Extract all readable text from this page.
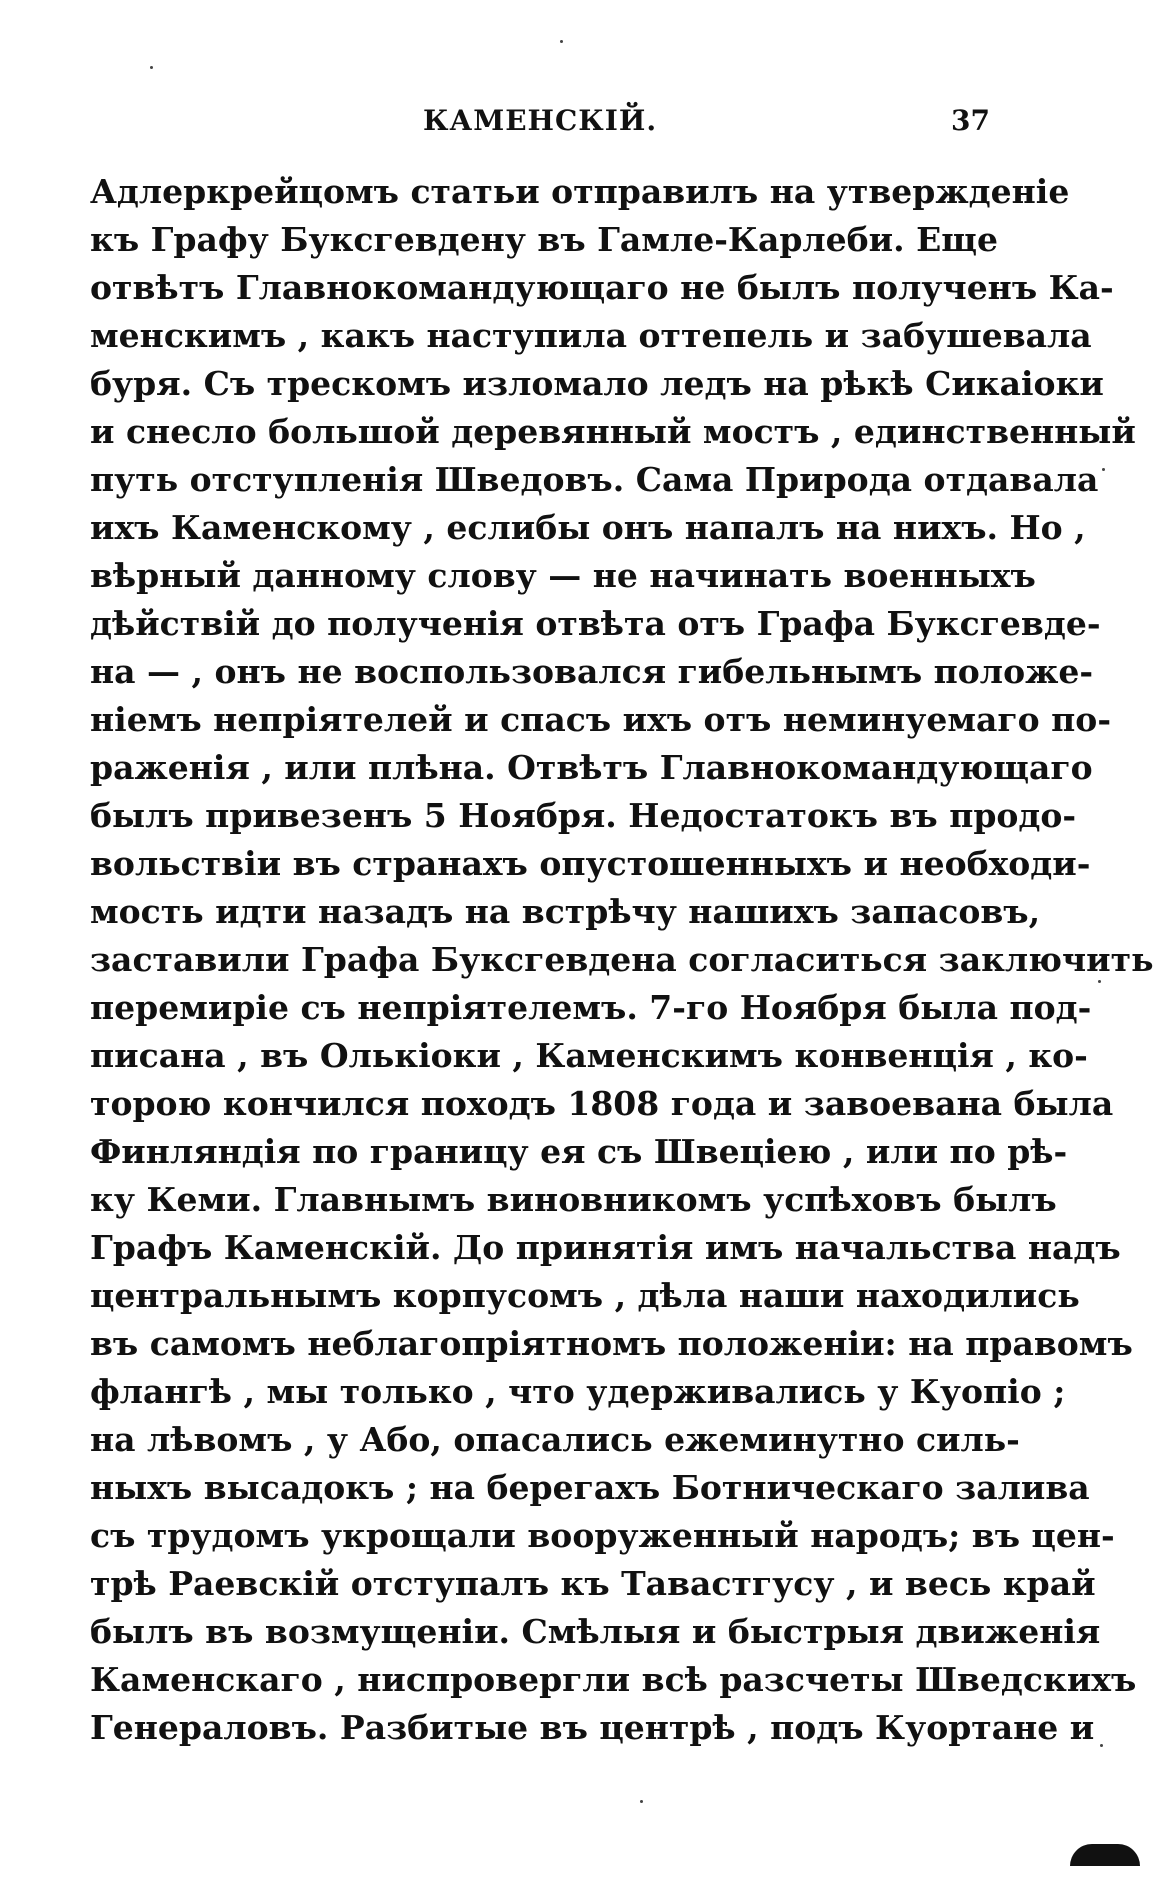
КАМЕНСКІЙ.	37
Адлеркрейцомъ статьи отправилъ на утвержденіе
къ Графу Буксгевдену въ Гамле-Карлеби. Еще
отвѣтъ Главнокомандующаго не былъ полученъ Ка-
менскимъ , какъ наступила оттепель и забушевала
буря. Съ трескомъ изломало ледъ на рѣкѣ Сикаіоки
и снесло большой деревянный мостъ , единственный
путь отступленія Шведовъ. Сама Природа отдавала
ихъ Каменскому , еслибы онъ напалъ на нихъ. Но ,
вѣрный данному слову — не начинать военныхъ
дѣйствій до полученія отвѣта отъ Графа Буксгевде-
на — , онъ не воспользовался гибельнымъ положе-
ніемъ непріятелей и спасъ ихъ отъ неминуемаго по-
раженія , или плѣна. Отвѣтъ Главнокомандующаго
былъ привезенъ 5 Ноября. Недостатокъ въ продо-
вольствіи въ странахъ опустошенныхъ и необходи-
мость идти назадъ на встрѣчу нашихъ запасовъ,
заставили Графа Буксгевдена согласиться заключить
перемиріе съ непріятелемъ. 7-го Ноября была под-
писана , въ Олькіоки , Каменскимъ конвенція , ко-
торою кончился походъ 1808 года и завоевана была
Финляндія по границу ея съ Швеціею , или по рѣ-
ку Кеми. Главнымъ виновникомъ успѣховъ былъ
Графъ Каменскій. До принятія имъ начальства надъ
центральнымъ корпусомъ , дѣла наши находились
въ самомъ неблагопріятномъ положеніи: на правомъ
флангѣ , мы только , что удерживались у Куопіо ;
на лѣвомъ , у Або, опасались ежеминутно силь-
ныхъ высадокъ ; на берегахъ Ботническаго залива
съ трудомъ укрощали вооруженный народъ; въ цен-
трѣ Раевскій отступалъ къ Тавастгусу , и весь край
былъ въ возмущеніи. Смѣлыя и быстрыя движенія
Каменскаго , ниспровергли всѣ разсчеты Шведскихъ
Генераловъ. Разбитые въ центрѣ , подъ Куортане и
